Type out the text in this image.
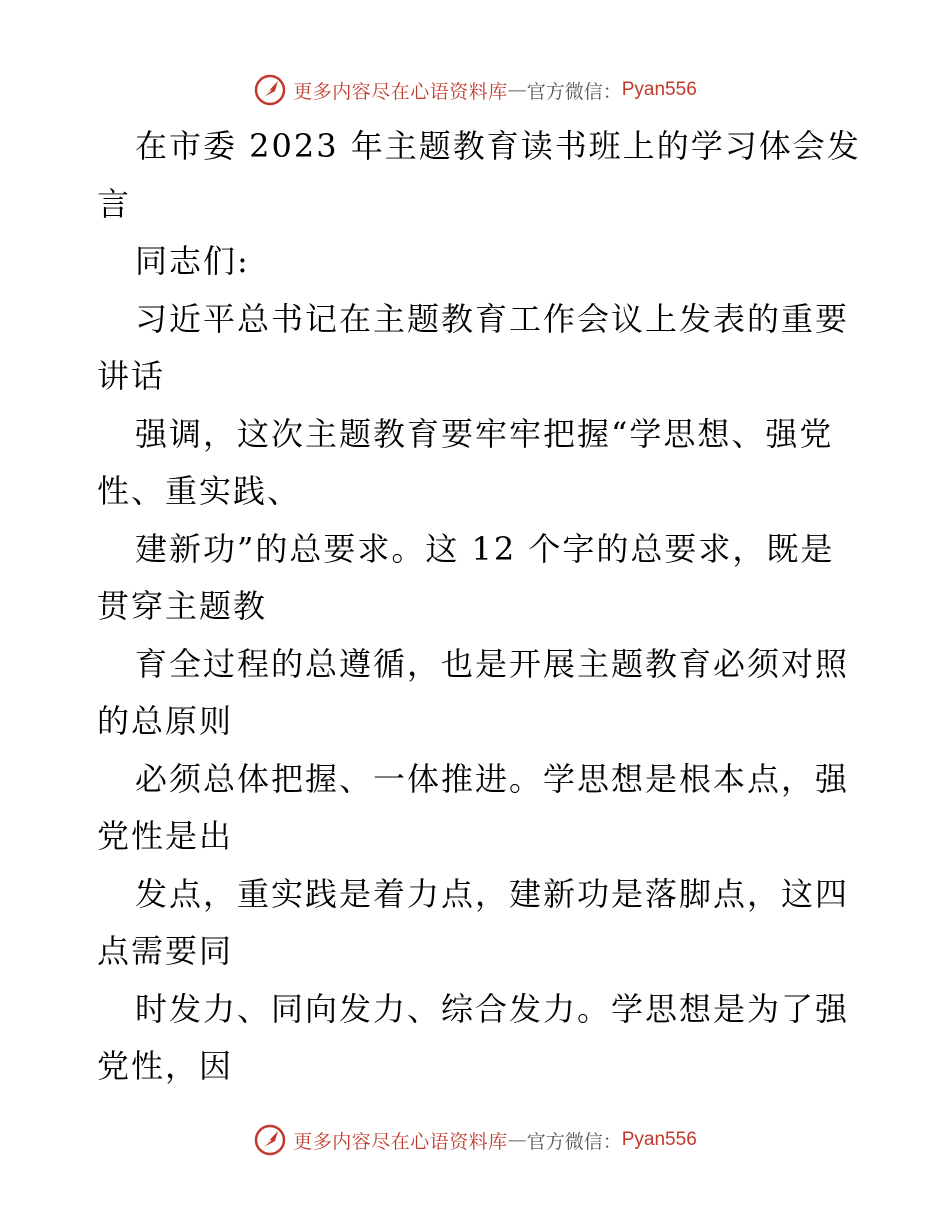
更多内容尽在心语资料库 — 官方微信： Pyan556
在市委 2023 年主题教育读书班上的学习体会发
言
同志们:
习近平总书记在主题教育工作会议上发表的重要
讲话
强调，这次主题教育要牢牢把握“学思想、强党
性、重实践、
建新功”的总要求。这 12 个字的总要求，既是
贯穿主题教
育全过程的总遵循，也是开展主题教育必须对照
的总原则
必须总体把握、一体推进。学思想是根本点，强
党性是出
发点，重实践是着力点，建新功是落脚点，这四
点需要同
时发力、同向发力、综合发力。学思想是为了强
党性，因
更多内容尽在心语资料库 — 官方微信： Pyan556
